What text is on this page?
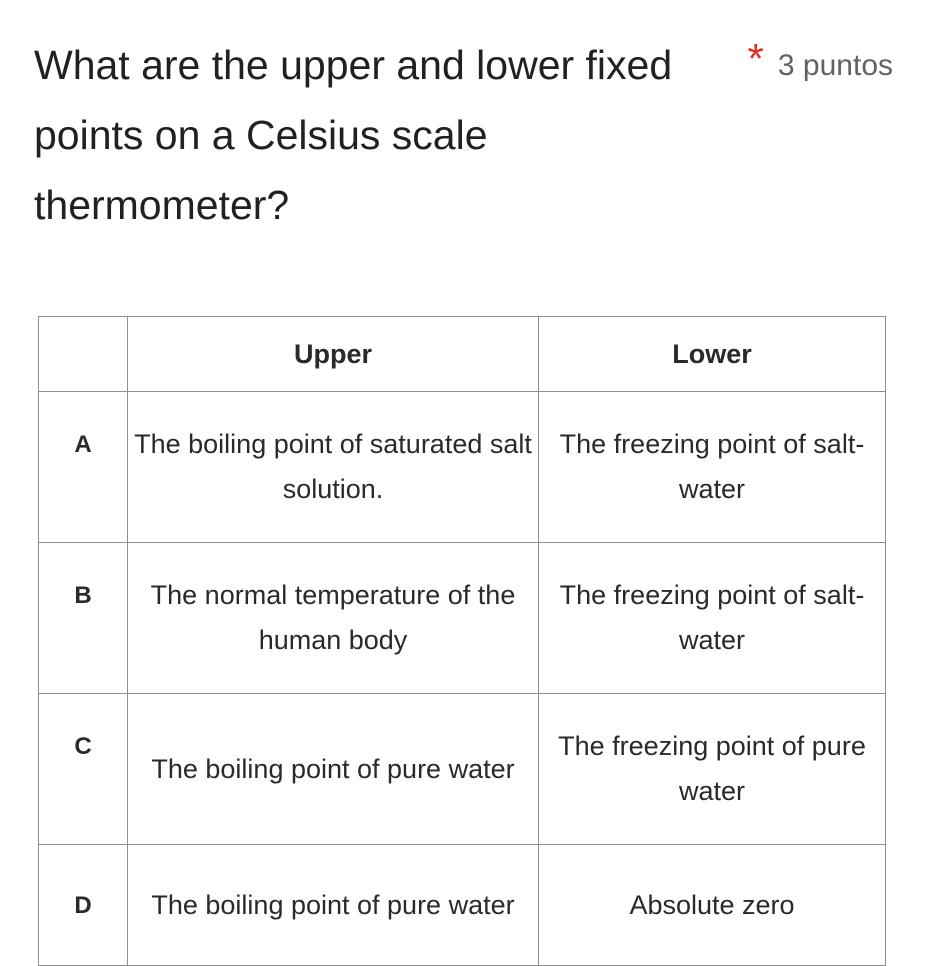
What are the upper and lower fixed points on a Celsius scale thermometer?
* 3 puntos
	Upper	Lower
A	The boiling point of saturated salt solution.	The freezing point of salt-water
B	The normal temperature of the human body	The freezing point of salt-water
C	The boiling point of pure water	The freezing point of pure water
D	The boiling point of pure water	Absolute zero
